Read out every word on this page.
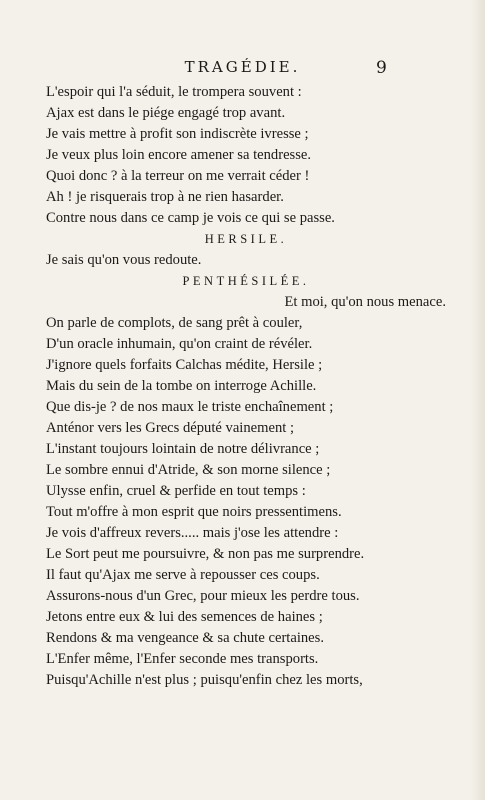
TRAGÉDIE.	9
L'espoir qui l'a séduit, le trompera souvent :
Ajax est dans le piége engagé trop avant.
Je vais mettre à profit son indiscrète ivresse ;
Je veux plus loin encore amener sa tendresse.
Quoi donc ? à la terreur on me verrait céder !
Ah ! je risquerais trop à ne rien hasarder.
Contre nous dans ce camp je vois ce qui se passe.
HERSILE.
Je sais qu'on vous redoute.
PENTHÉSILÉE.
Et moi, qu'on nous menace.
On parle de complots, de sang prêt à couler,
D'un oracle inhumain, qu'on craint de révéler.
J'ignore quels forfaits Calchas médite, Hersile ;
Mais du sein de la tombe on interroge Achille.
Que dis-je ? de nos maux le triste enchaînement ;
Anténor vers les Grecs député vainement ;
L'instant toujours lointain de notre délivrance ;
Le sombre ennui d'Atride, & son morne silence ;
Ulysse enfin, cruel & perfide en tout temps :
Tout m'offre à mon esprit que noirs pressentimens.
Je vois d'affreux revers..... mais j'ose les attendre :
Le Sort peut me poursuivre, & non pas me surprendre.
Il faut qu'Ajax me serve à repousser ces coups.
Assurons-nous d'un Grec, pour mieux les perdre tous.
Jetons entre eux & lui des semences de haines ;
Rendons & ma vengeance & sa chute certaines.
L'Enfer même, l'Enfer seconde mes transports.
Puisqu'Achille n'est plus ; puisqu'enfin chez les morts,
